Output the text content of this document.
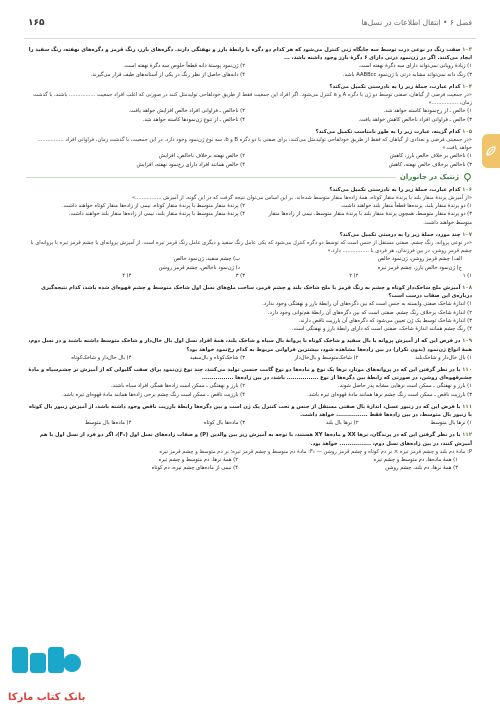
۱۶۵	فصل ۶ • انتقال اطلاعات در نسل‌ها
۱۰۳ صفت رنگ در نوعی ذرت توسط سه جایگاه ژنی کنترل می‌شود که هر کدام دو دگره با رابطهٔ بارز و نهفتگی دارند. دگره‌های بارز، رنگ قرمز و دگره‌های نهفته، رنگ سفید را ایجاد می‌کنند. اگر در ژن‌نمود ذرتی دارای ۶ دگرهٔ بارز وجود داشته باشد، ...
۱) زیادهٔ رویانی نمی‌تواند دارای سه دگرهٔ نهفته است.
۲) ژن‌نمود پوستهٔ دانه قطعاً خلوص سه دگرهٔ نهفته است.
۳) رنگ دانه نمی‌تواند مشابه ذرتی با ژن‌نمود AABBcc باشد.
۴) دانه‌های حاصل از نظر رنگ در یکی از آستانه‌های طیف قرار می‌گیرند.
۱۰۴ کدام عبارت، جملهٔ زیر را به نادرستی تکمیل می‌کند؟
«در جمعیت فرضی از گیاهان، صفتی توسط دو ژن با دگره A و a کنترل می‌شود. اگر افراد این جمعیت فقط از طریق خودلقاحی تولیدمثل کنند در صورتی که اغلب افراد جمعیت ................ باشند، با گذشت زمان، ................»
۱) خالص ـ از رخ‌نمودها کاسته خواهد شد.
۲) ناخالص ـ فراوانی افراد خالص افزایش خواهد یافت.
۳) خالص ـ فراوانی افراد ناخالص کاهش خواهد یافت.
۴) ناخالص ـ از تنوع ژن‌نمودها کاسته خواهد شد.
۱۰۵ کدام گزینه، عبارت زیر را به طور نامناسب تکمیل می‌کند؟
«در جمعیتی فرضی و تعدادی از گیاهان که فقط از طریق خودلقاحی تولیدمثل می‌کنند، برای صفتی با دو دگره B و b، سه نوع ژن‌نمود وجود دارد. در این جمعیت، با گذشت زمان، فراوانی افراد ................ خواهد یافت.»
۱) ناخالص بر خلاف خالص بارز، کاهش
۲) خالص نهفته برخلاف ناخالص، افزایش
۳) ناخالص برخلاف خالص نهفته، کاهش
۴) خالص همانند افراد دارای رخ‌نمود نهفته، افزایش
ژنتیک در جانوران
۱۰۶ کدام عبارت، جملهٔ زیر را به نادرستی تکمیل می‌کند؟
«از آمیزش پرندهٔ منقار بلند با پرندهٔ منقار کوتاه، همهٔ زاده‌ها منقار متوسط شده‌اند. بر این اساس می‌توان نتیجه گرفت که در این گونه، از آمیزش ................»
۱) دو پرندهٔ منقار بلند، پرنده‌ها قطعاً منقار بلند خواهند داشت.
۲) پرندهٔ منقار متوسط با پرندهٔ منقار کوتاه، نیمی از زاده‌ها منقار کوتاه خواهند داشت.
۳) دو پرندهٔ منقار متوسط، همچون پرندهٔ منقار بلند با پرندهٔ منقار متوسط، نیمی از زاده‌ها منقار متوسط خواهند داشت.
۴) پرندهٔ منقار متوسط با پرندهٔ منقار بلند، نیمی از زاده‌ها منقار بلند خواهند داشت.
۱۰۷ چند مورد، جملهٔ زیر را به درستی تکمیل می‌کند؟
«در نوعی پروانه، رنگ چشم، صفتی مستقل از جنس است که توسط دو دگره کنترل می‌شود که یکی عامل رنگ سفید و دیگری عامل رنگ قرمز تیره است. از آمیزش پروانه‌ای با چشم قرمز تیره با پروانه‌ای با چشم قرمز روشن، در بین فرزندان، هر فردی با ................ دارد.»
الف) چشم قرمز روشن، ژن‌نمود خالص
ب) چشم سفید، ژن‌نمود خالص
ج) ژن‌نمود خالص بارز، چشم قرمز تیره
د) ژن‌نمود ناخالص، چشم قرمز روشن
۱) ۱
۲) ۲
۳) ۳
۴) ۴
۱۰۸ آمیزش ملخ شاخک‌دار کوتاه و چشم به رنگ قرمز با ملخ شاخک بلند و چشم قرمز، ساخت ملخ‌های نسل اول شاخک متوسط و چشم قهوه‌ای شده باشد، کدام نتیجه‌گیری درباره‌ی این صفات درست است؟
۱) اندازهٔ شاخک صفتی وابسته به جنس است که بین دگره‌های آن رابطهٔ بارز و نهفتگی وجود ندارد.
۲) اندازهٔ شاخک برخلاف رنگ چشم، صفتی است که بین دگره‌های آن رابطهٔ هم‌توانی وجود دارد.
۳) اندازهٔ شاخک توسط یک ژن تعیین می‌شود که دگره‌های آن بارزیت ناقص دارند.
۴) رنگ چشم همانند اندازهٔ شاخک، صفتی است که دارای رابطهٔ بارز و نهفتگی است.
۱۰۹ در فرض این که از آمیزش پروانه با بال سفید و شاخک کوتاه با پروانهٔ بال سیاه و شاخک بلند، همهٔ افراد نسل اول بال خال‌دار و شاخک متوسط داشته باشند و در نسل دوم، همهٔ انواع ژن‌نمود (بدون تکرار) در بین زاده‌ها مشاهده شود، بیشترین فراوانی مربوط به کدام رخ‌نمود خواهد بود؟
۱) بال خال‌دار و شاخک‌بلند
۲) شاخک‌متوسط و بال‌خال‌دار
۳) شاخک‌کوتاه و بال‌سفید
۴) بال خال‌دار و شاخک‌کوتاه
۱۱۰ با در نظر گرفتن این که در پروانه‌های موتار، نرها یک نوع و ماده‌ها دو نوع گامت جنسی تولید می‌کنند، چند نوع ژن‌نمود برای صفت گلبولی که از آمیزش نر چشم‌سیاه و مادهٔ چشم‌قهوه‌ای روشن، در صورتی که رابطهٔ بین دگره‌ها از نوع ................ باشد، در بین زاده‌ها ................
۱) بارز و نهفتگی ـ ممکن است نرهایی مشابه پدر حاصل شوند.
۲) بارز و نهفتگی ـ ممکن است زاده‌ها همگی افراد سیاه باشند.
۳) بارزیت ناقص ـ ممکن است رنگ چشم نرها همانند مادهٔ قهوه‌ای تیره باشد.
۴) بارزیت ناقص ـ ممکن است رنگ چشم برخی زاده‌ها همانند مادهٔ قهوه‌ای تیره باشد.
۱۱۱ با فرض این که در زنبور عسل، اندازهٔ بال صفتی مستقل از جنس و تحت کنترل یک ژن است و بین دگره‌ها رابطهٔ بارزیت ناقص وجود داشته باشد، از آمیزش زنبور بال کوتاه با زنبور بال متوسط، در بین زاده‌ها فقط ................ خواهد داشت.
۱) نرها بال متوسط
۲) نرها بال بلند
۳) ماده‌ها بال کوتاه
۴) ماده‌ها بال متوسط
۱۱۲ با در نظر گرفتن این که در پرندگان، نرها XX و ماده‌ها XY هستند، با توجه به آمیزش زیر بین والدین (P) و صفات زاده‌های نسل اول (F₁)، اگر دو فرد از نسل اول با هم آمیزش کنند، در بین زاده‌های نسل دوم، ................ خواهد بود.
P: مادهٔ دم بلند و چشم قرمز تیره × نر دم کوتاه و چشم قرمز روشن — F₁: مادهٔ دم متوسط و چشم قرمز تیره؛ نر دم متوسط و چشم قرمز تیره
۱) همهٔ ماده‌ها، دم متوسط و چشم تیره
۲) همهٔ نرها، دم متوسط و چشم تیره
۳) همهٔ نرها، دم بلند، چشم روشن
۴) نیمی از ماده‌های چشم تیره، دم کوتاه
بانک کتاب مارکا
